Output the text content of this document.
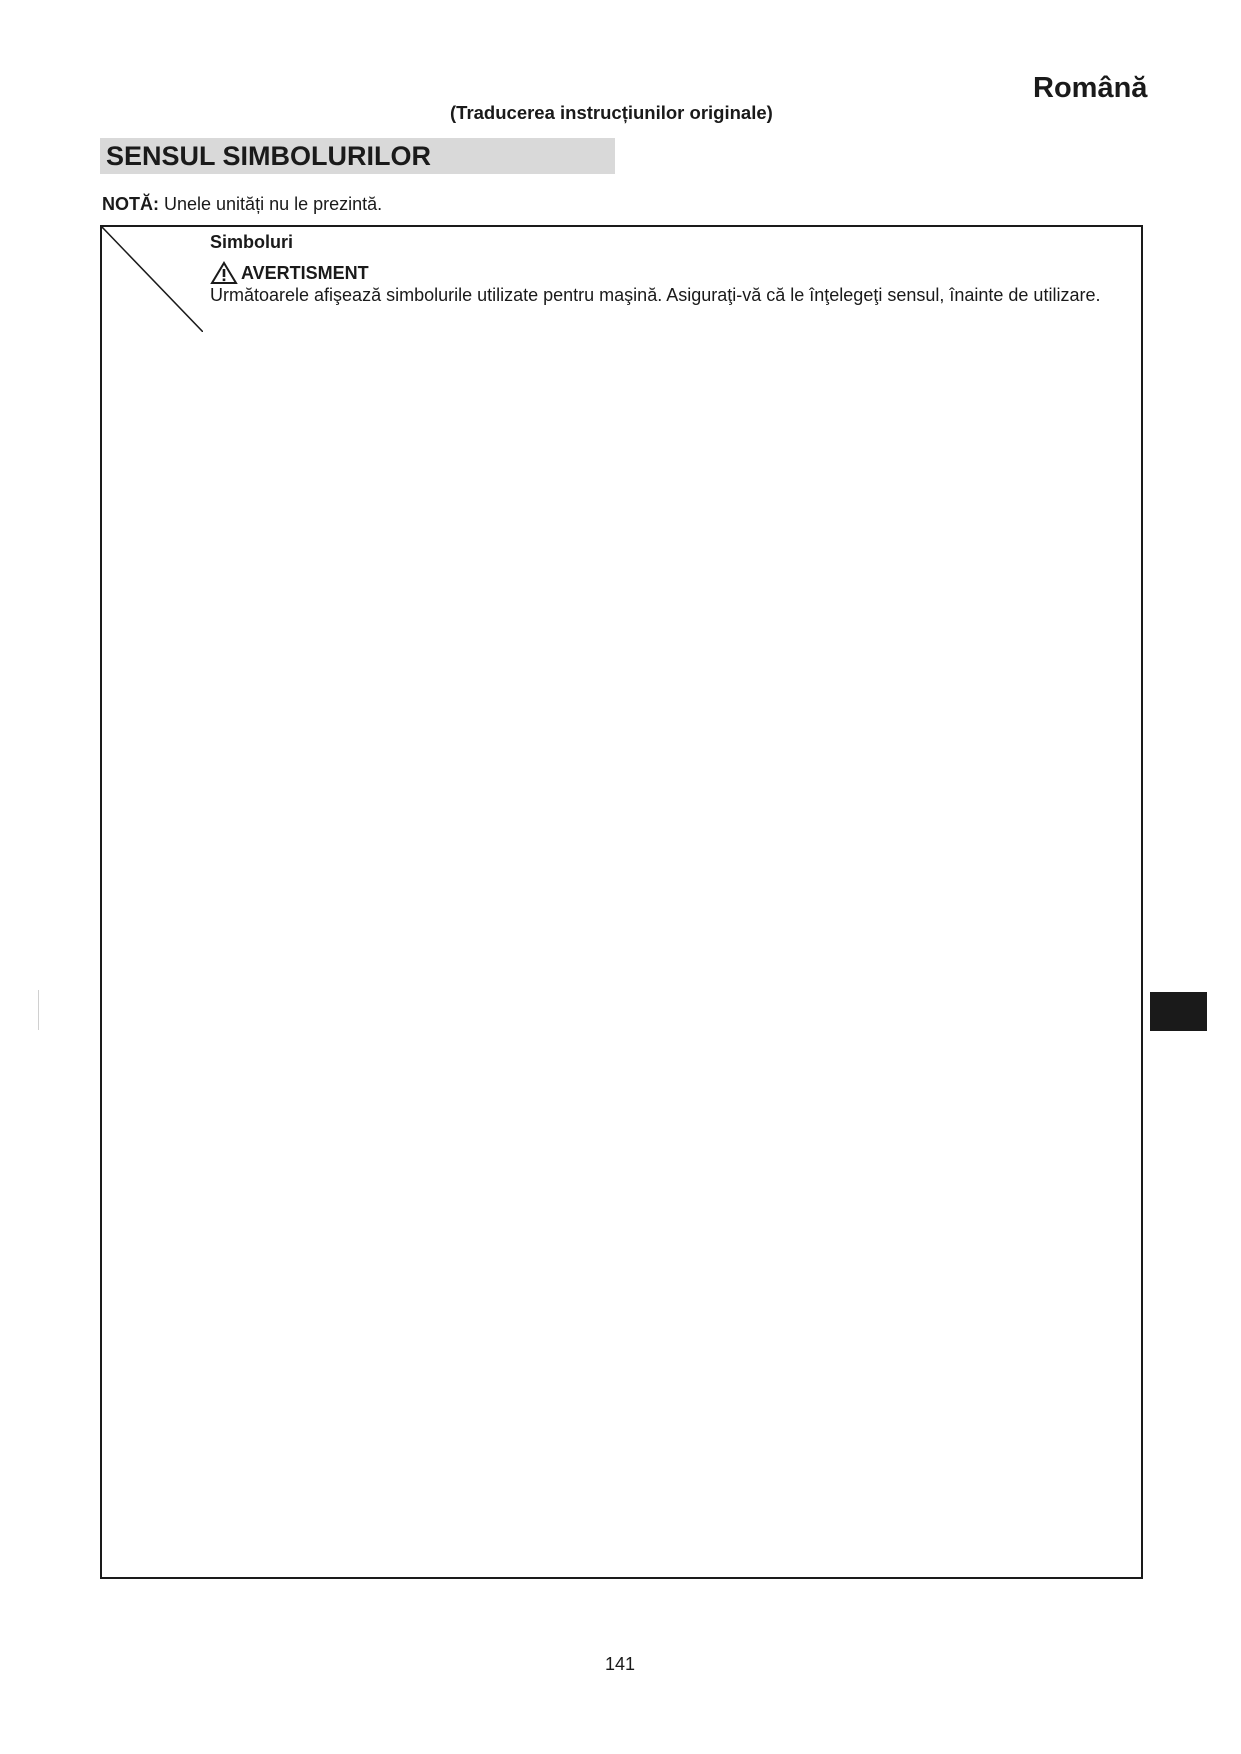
Română
(Traducerea instrucțiunilor originale)
SENSUL SIMBOLURILOR
NOTĂ: Unele unități nu le prezintă.
Simboluri
AVERTISMENT
Următoarele afişează simbolurile utilizate pentru maşină. Asiguraţi-vă că le înţelegeţi sensul, înainte de utilizare.
141
